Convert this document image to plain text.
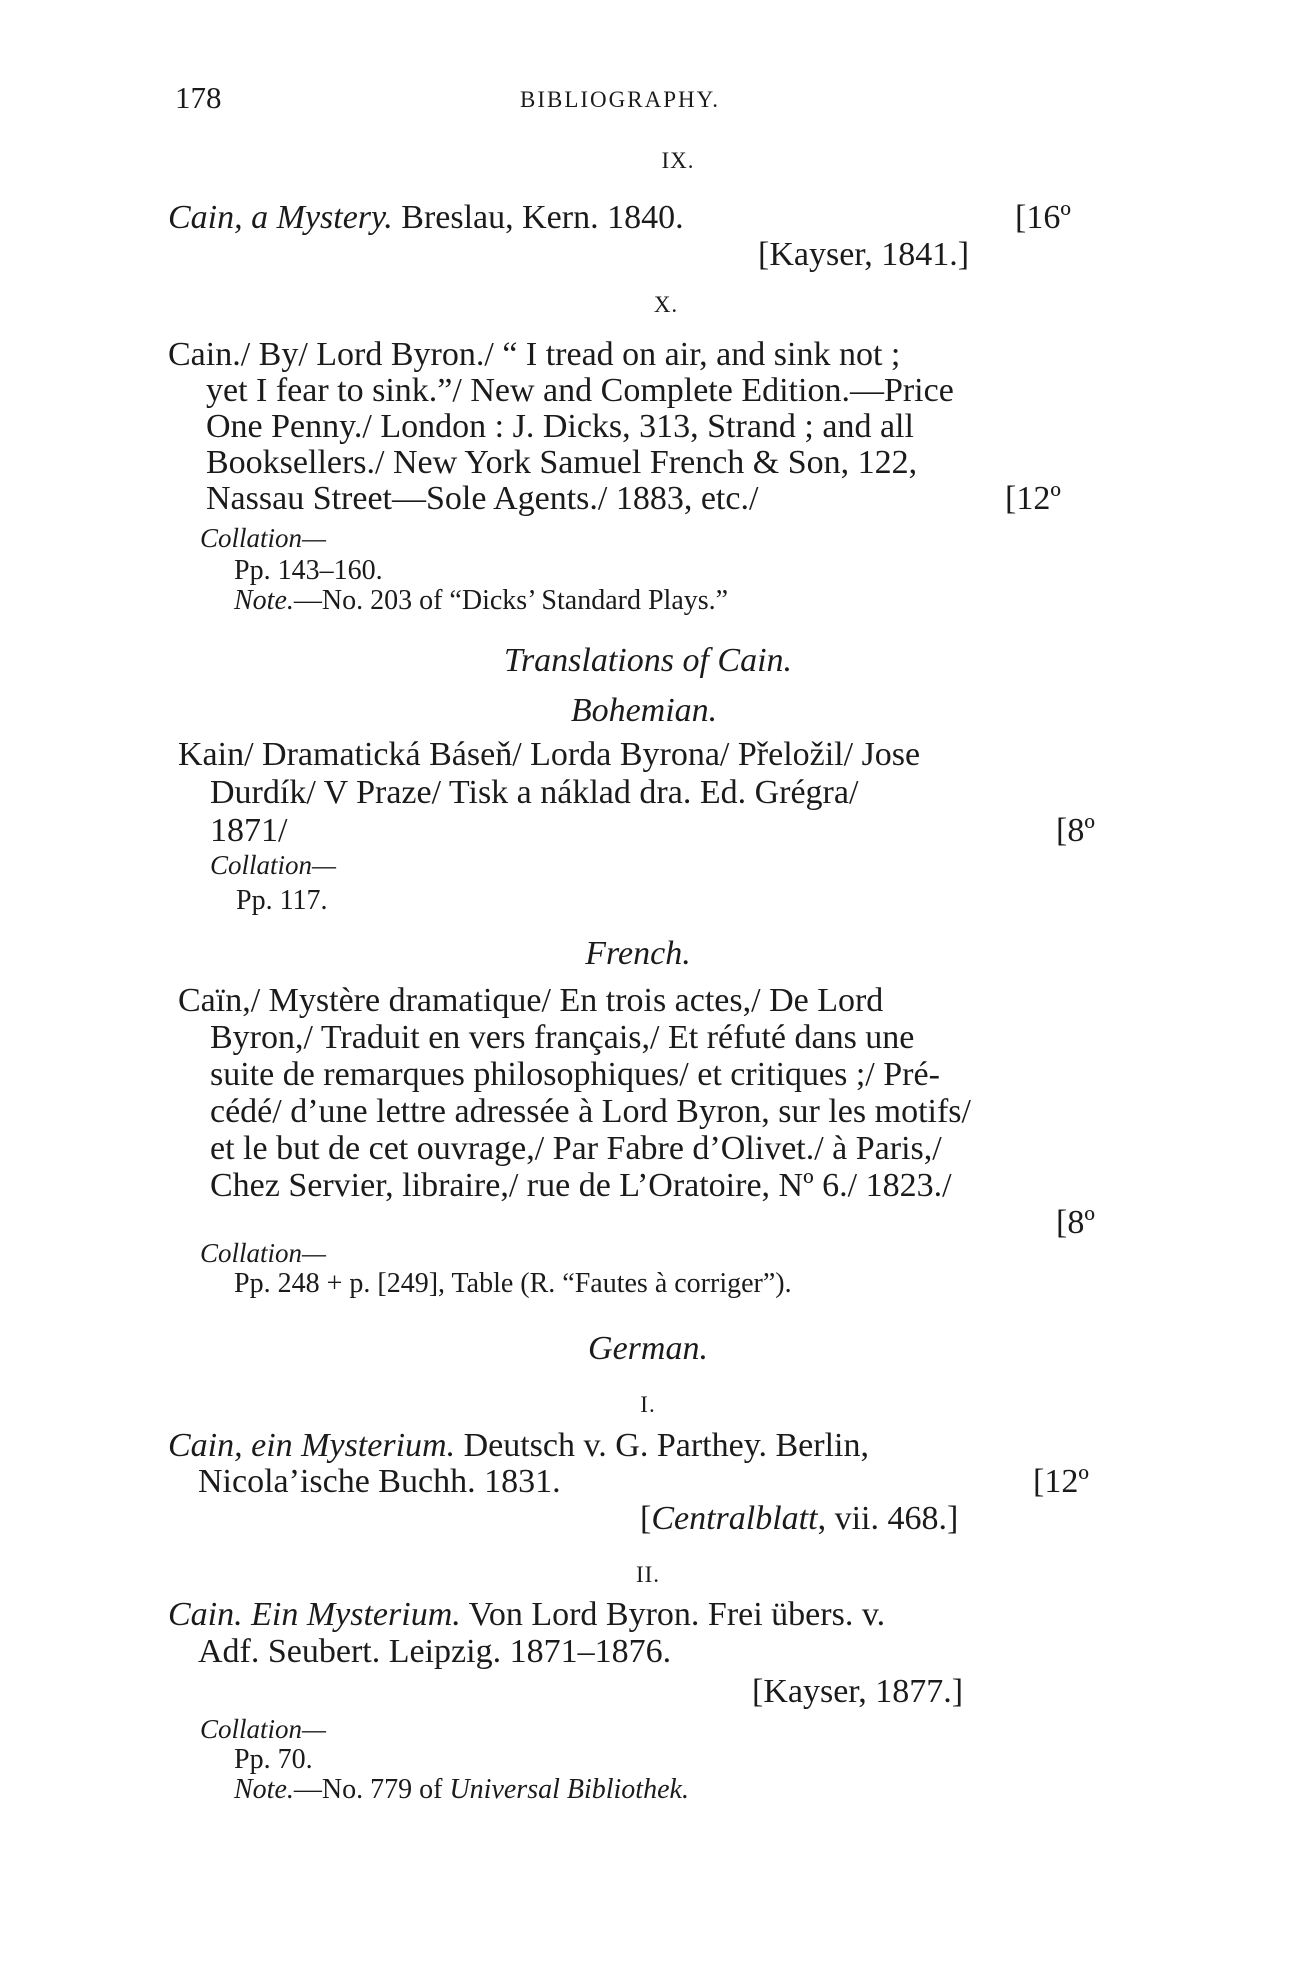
178	BIBLIOGRAPHY.
IX.
Cain, a Mystery. Breslau, Kern. 1840.	[16º
[Kayser, 1841.]
X.
Cain./ By/ Lord Byron./ “ I tread on air, and sink not ;
yet I fear to sink.”/ New and Complete Edition.—Price
One Penny./ London : J. Dicks, 313, Strand ; and all
Booksellers./ New York Samuel French & Son, 122,
Nassau Street—Sole Agents./ 1883, etc./	[12º
Collation—
Pp. 143–160.
Note.—No. 203 of “Dicks’ Standard Plays.”
Translations of Cain.
Bohemian.
Kain/ Dramatická Báseň/ Lorda Byrona/ Přeložil/ Jose
Durdík/ V Praze/ Tisk a náklad dra. Ed. Grégra/
1871/	[8º
Collation—
Pp. 117.
French.
Caïn,/ Mystère dramatique/ En trois actes,/ De Lord
Byron,/ Traduit en vers français,/ Et réfuté dans une
suite de remarques philosophiques/ et critiques ;/ Pré-
cédé/ d’une lettre adressée à Lord Byron, sur les motifs/
et le but de cet ouvrage,/ Par Fabre d’Olivet./ à Paris,/
Chez Servier, libraire,/ rue de L’Oratoire, Nº 6./ 1823./
[8º
Collation—
Pp. 248 + p. [249], Table (R. “Fautes à corriger”).
German.
I.
Cain, ein Mysterium. Deutsch v. G. Parthey. Berlin,
Nicola’ische Buchh. 1831.	[12º
[Centralblatt, vii. 468.]
II.
Cain. Ein Mysterium. Von Lord Byron. Frei übers. v.
Adf. Seubert. Leipzig. 1871–1876.
[Kayser, 1877.]
Collation—
Pp. 70.
Note.—No. 779 of Universal Bibliothek.
